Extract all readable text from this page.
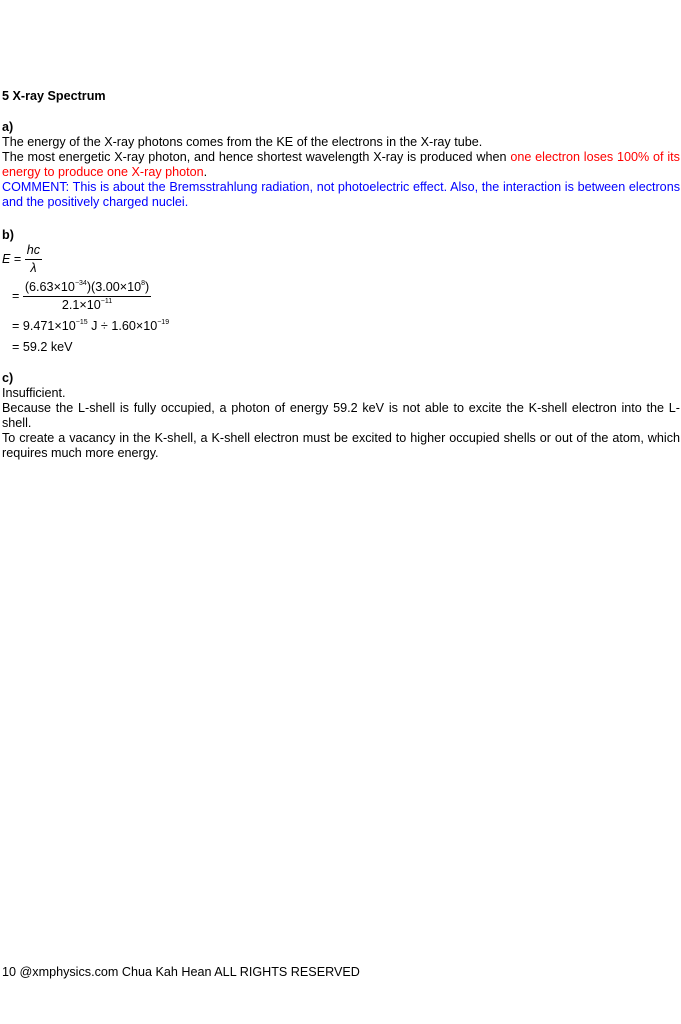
5 X-ray Spectrum

a)

The energy of the X-ray photons comes from the KE of the electrons in the X-ray tube.

The most energetic X-ray photon, and hence shortest wavelength X-ray is produced when one electron loses 100% of its energy to produce one X-ray photon.

COMMENT: This is about the Bremsstrahlung radiation, not photoelectric effect. Also, the interaction is between electrons and the positively charged nuclei.

b)

$E = \frac{hc}{\lambda}$
= $\frac{(6.63\times 10^{-34})(3.00\times 10^8)}{2.1\times 10^{-11}}$
= $9.471\times 10^{-15}$ $J \div 1.60\times 10^{-19}$
= 59.2 keV

c)

Insufficient.

Because the L-shell is fully occupied, a photon of energy 59.2 keV is not able to excite the K-shell electron into the L-shell.

To create a vacancy in the K-shell, a K-shell electron must be excited to higher occupied shells or out of the atom, which requires much more energy.

10 @xmphysics.com Chua Kah Hean ALL RIGHTS RESERVED
